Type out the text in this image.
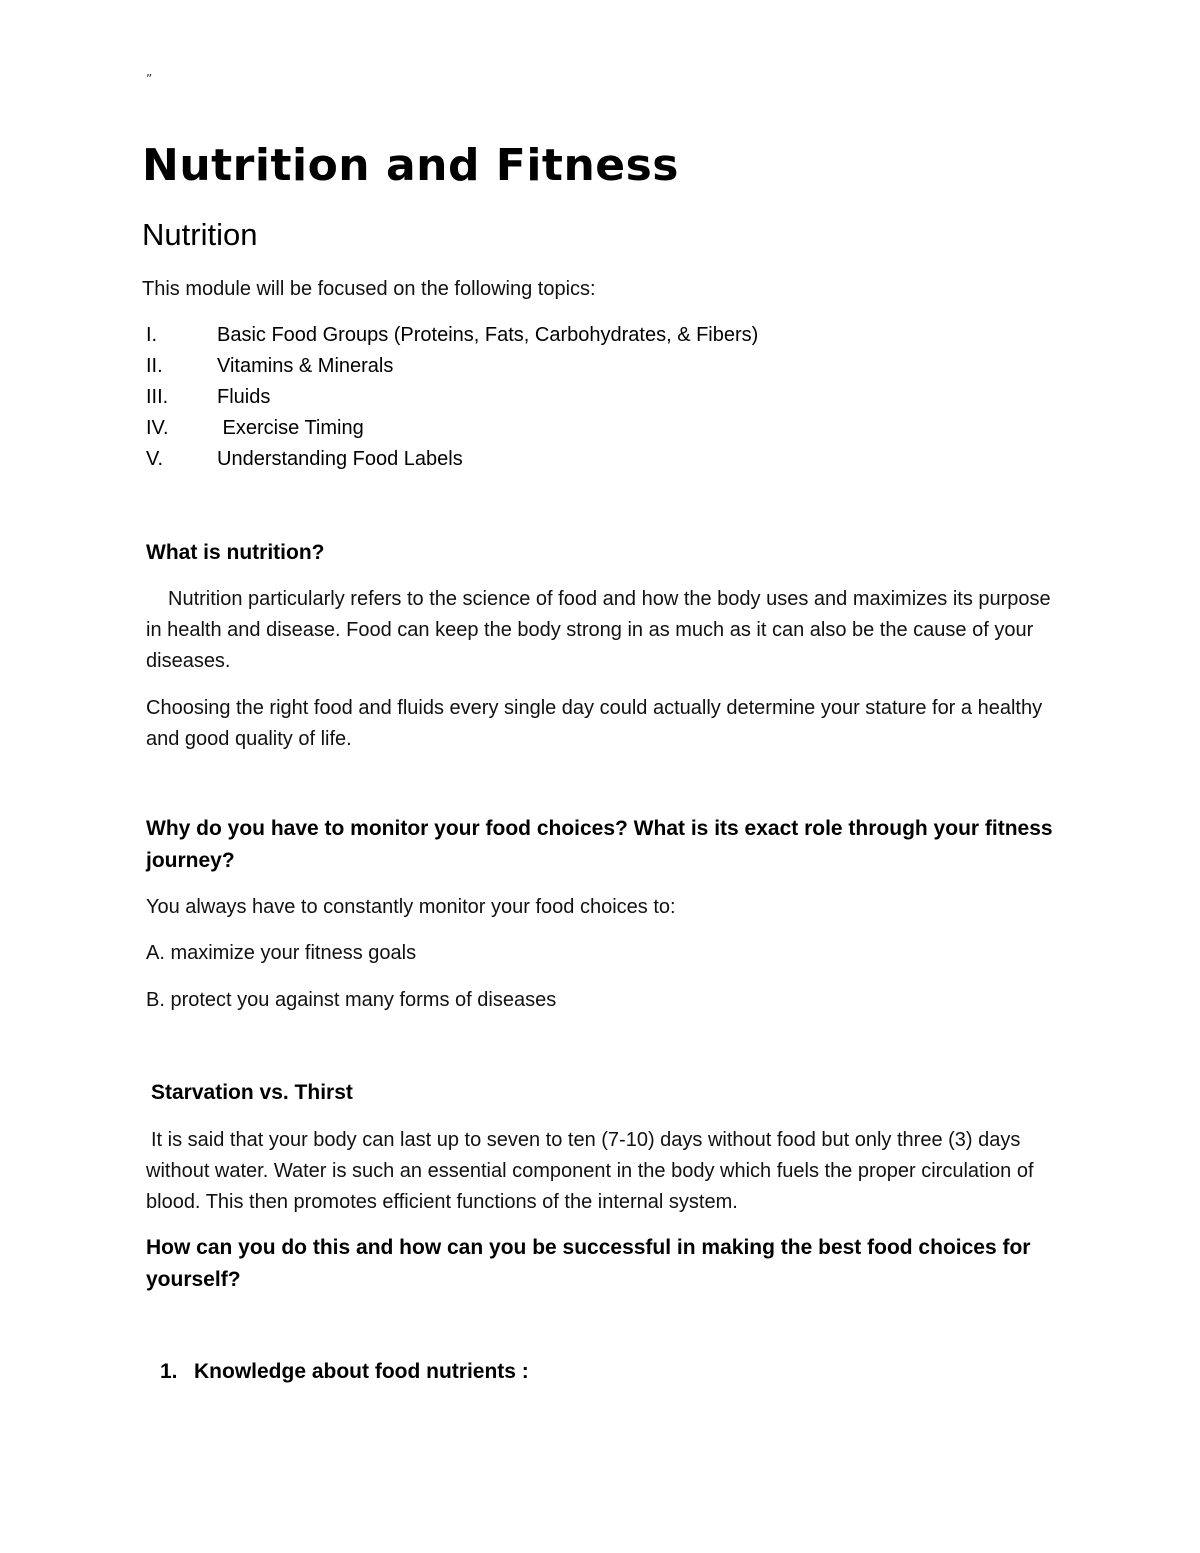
”
Nutrition and Fitness
Nutrition
This module will be focused on the following topics:
I.	Basic Food Groups (Proteins, Fats, Carbohydrates, & Fibers)
II.	Vitamins & Minerals
III. Fluids
IV. Exercise Timing
V.	Understanding Food Labels
What is nutrition?
Nutrition particularly refers to the science of food and how the body uses and maximizes its purpose in health and disease. Food can keep the body strong in as much as it can also be the cause of your diseases.
Choosing the right food and fluids every single day could actually determine your stature for a healthy and good quality of life.
Why do you have to monitor your food choices? What is its exact role through your fitness journey?
You always have to constantly monitor your food choices to:
A. maximize your fitness goals
B. protect you against many forms of diseases
Starvation vs. Thirst
It is said that your body can last up to seven to ten (7-10) days without food but only three (3) days without water. Water is such an essential component in the body which fuels the proper circulation of blood. This then promotes efficient functions of the internal system.
How can you do this and how can you be successful in making the best food choices for yourself?
1. Knowledge about food nutrients :
